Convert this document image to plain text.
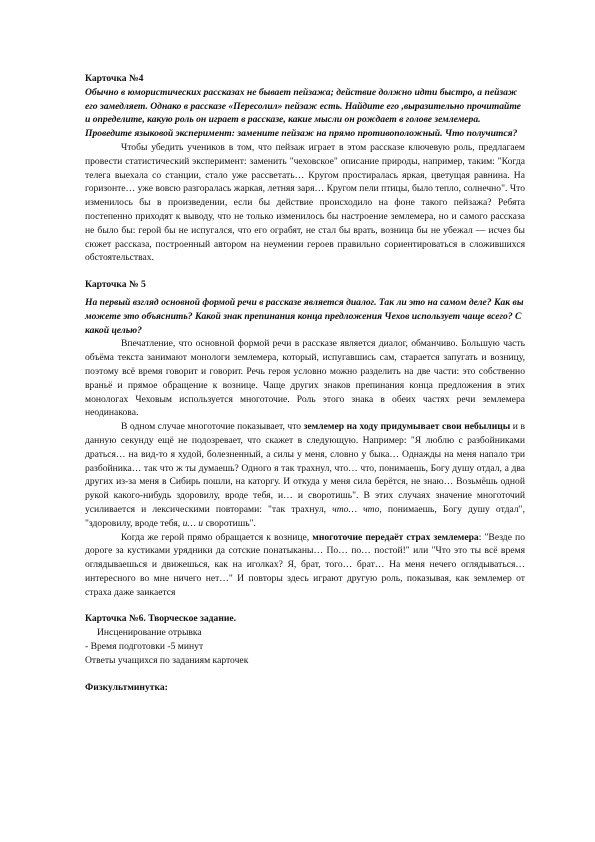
Карточка №4

Обычно в юмористических рассказах не бывает пейзажа; действие должно идти быстро, а пейзаж его замедляет. Однако в рассказе «Пересолил» пейзаж есть. Найдите его ,выразительно прочитайте и определите, какую роль он играет в рассказе, какие мысли он рождает в голове землемера. Проведите языковой эксперимент: замените пейзаж на прямо противоположный. Что получится?

Чтобы убедить учеников в том, что пейзаж играет в этом рассказе ключевую роль, предлагаем провести статистический эксперимент: заменить "чеховское" описание природы, например, таким: "Когда телега выехала со станции, стало уже рассветать… Кругом простиралась яркая, цветущая равнина. На горизонте… уже вовсю разгоралась жаркая, летняя заря… Кругом пели птицы, было тепло, солнечно". Что изменилось бы в произведении, если бы действие происходило на фоне такого пейзажа? Ребята постепенно приходят к выводу, что не только изменилось бы настроение землемера, но и самого рассказа не было бы: герой бы не испугался, что его ограбят, не стал бы врать, возница бы не убежал — исчез бы сюжет рассказа, построенный автором на неумении героев правильно сориентироваться в сложившихся обстоятельствах.

Карточка № 5

На первый взгляд основной формой речи в рассказе является диалог. Так ли это на самом деле? Как вы можете это объяснить? Какой знак препинания конца предложения Чехов использует чаще всего? С какой целью?

Впечатление, что основной формой речи в рассказе является диалог, обманчиво. Большую часть объёма текста занимают монологи землемера, который, испугавшись сам, старается запугать и возницу, поэтому всё время говорит и говорит. Речь героя условно можно разделить на две части: это собственно враньё и прямое обращение к вознице. Чаще других знаков препинания конца предложения в этих монологах Чеховым используется многоточие. Роль этого знака в обеих частях речи землемера неодинакова.

В одном случае многоточие показывает, что землемер на ходу придумывает свои небылицы и в данную секунду ещё не подозревает, что скажет в следующую. Например: "Я люблю с разбойниками драться… на вид-то я худой, болезненный, а силы у меня, словно у быка… Однажды на меня напало три разбойника… так что ж ты думаешь? Одного я так трахнул, что… что, понимаешь, Богу душу отдал, а два других из-за меня в Сибирь пошли, на каторгу. И откуда у меня сила берётся, не знаю… Возьмёшь одной рукой какого-нибудь здоровилу, вроде тебя, и… и своротишь". В этих случаях значение многоточий усиливается и лексическими повторами: "так трахнул, что… что, понимаешь, Богу душу отдал", "здоровилу, вроде тебя, и… и своротишь".

Когда же герой прямо обращается к вознице, многоточие передаёт страх землемера: "Везде по дороге за кустиками урядники да сотские понатыканы… По… по… постой!" или "Что это ты всё время оглядываешься и движешься, как на иголках? Я, брат, того… брат… На меня нечего оглядываться… интересного во мне ничего нет…" И повторы здесь играют другую роль, показывая, как землемер от страха даже заикается

Карточка №6. Творческое задание.

Инсценирование отрывка

- Время подготовки -5 минут

Ответы учащихся по заданиям карточек

Физкультминутка:
